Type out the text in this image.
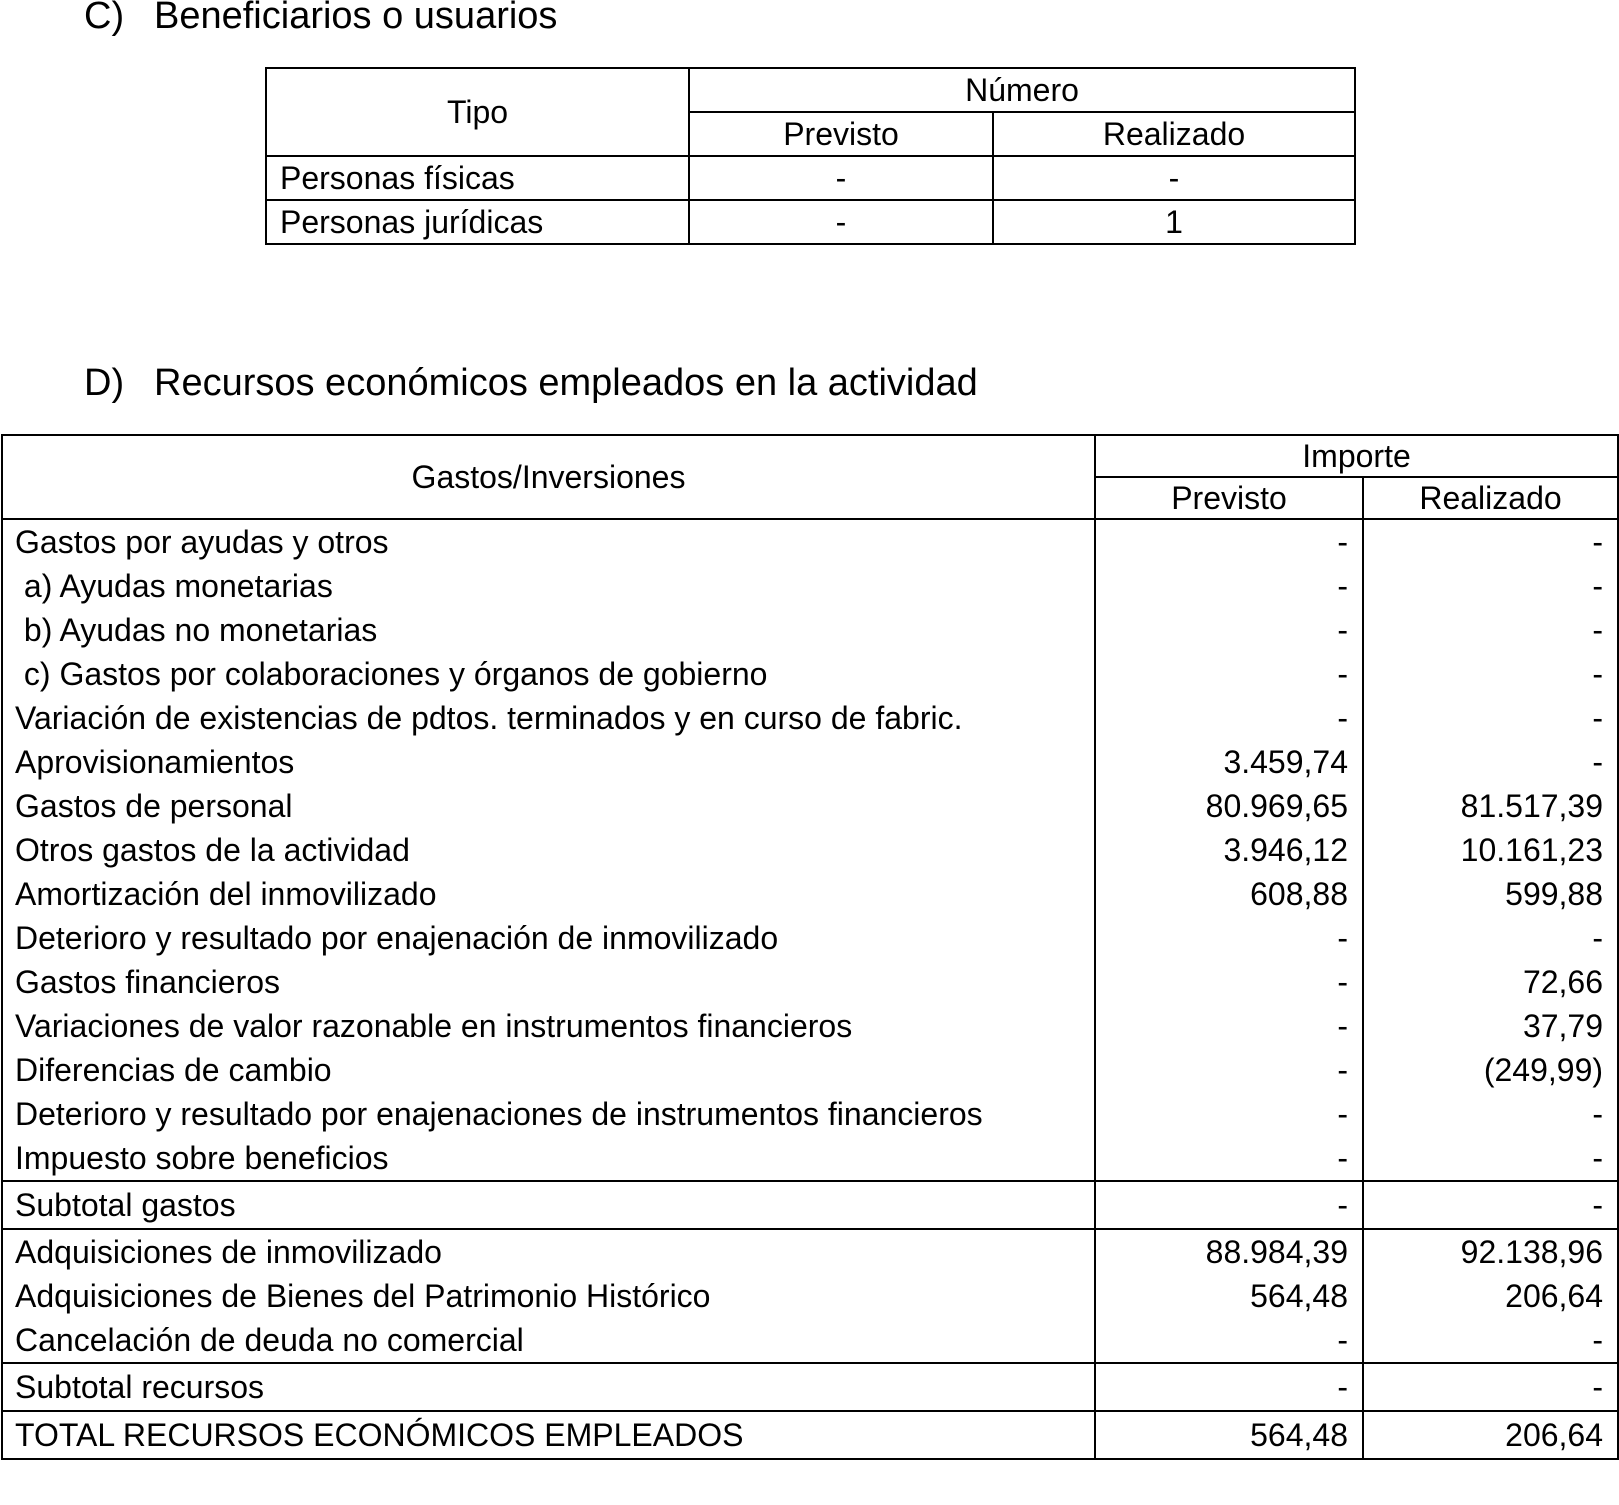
C) Beneficiarios o usuarios
Tipo	Número	
	Previsto	Realizado
Personas físicas	-	-
Personas jurídicas	-	1
D) Recursos económicos empleados en la actividad
Gastos/Inversiones	Importe	
	Previsto	Realizado
Gastos por ayudas y otros	-	-
a) Ayudas monetarias	-	-
b) Ayudas no monetarias	-	-
c) Gastos por colaboraciones y órganos de gobierno	-	-
Variación de existencias de pdtos. terminados y en curso de fabric.	-	-
Aprovisionamientos	3.459,74	-
Gastos de personal	80.969,65	81.517,39
Otros gastos de la actividad	3.946,12	10.161,23
Amortización del inmovilizado	608,88	599,88
Deterioro y resultado por enajenación de inmovilizado	-	-
Gastos financieros	-	72,66
Variaciones de valor razonable en instrumentos financieros	-	37,79
Diferencias de cambio	-	(249,99)
Deterioro y resultado por enajenaciones de instrumentos financieros	-	-
Impuesto sobre beneficios	-	-
Subtotal gastos	-	-
Adquisiciones de inmovilizado	88.984,39	92.138,96
Adquisiciones de Bienes del Patrimonio Histórico	564,48	206,64
Cancelación de deuda no comercial	-	-
Subtotal recursos	-	-
TOTAL RECURSOS ECONÓMICOS EMPLEADOS	564,48	206,64
